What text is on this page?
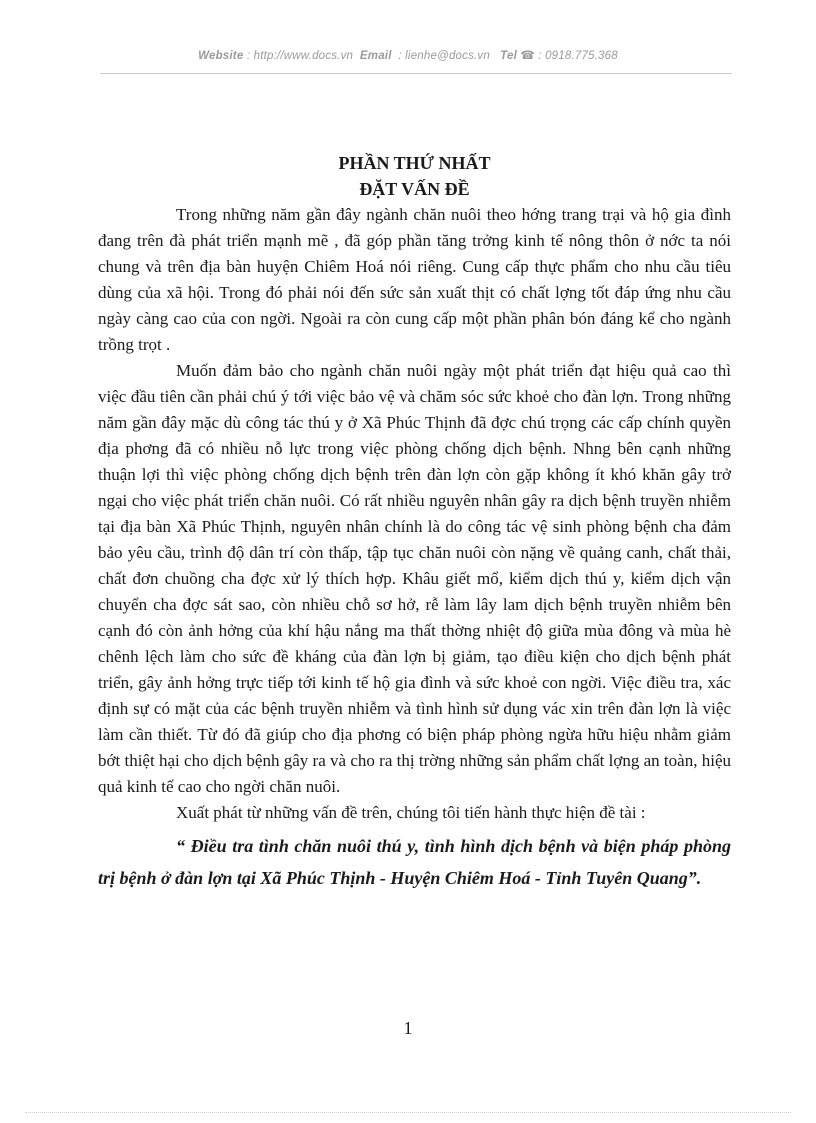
Website : http://www.docs.vn Email : lienhe@docs.vn Tel ☎ : 0918.775.368

PHẦN THỨ NHẤT

ĐẶT VẤN ĐỀ

Trong những năm gần đây ngành chăn nuôi theo hớng trang trại và hộ gia đình đang trên đà phát triển mạnh mẽ , đã góp phần tăng trởng kinh tế nông thôn ở nớc ta nói chung và trên địa bàn huyện Chiêm Hoá nói riêng. Cung cấp thực phẩm cho nhu cầu tiêu dùng của xã hội. Trong đó phải nói đến sức sản xuất thịt có chất lợng tốt đáp ứng nhu cầu ngày càng cao của con ngời. Ngoài ra còn cung cấp một phần phân bón đáng kể cho ngành trồng trọt .

Muốn đảm bảo cho ngành chăn nuôi ngày một phát triển đạt hiệu quả cao thì việc đầu tiên cần phải chú ý tới việc bảo vệ và chăm sóc sức khoẻ cho đàn lợn. Trong những năm gần đây mặc dù công tác thú y ở Xã Phúc Thịnh đã đợc chú trọng các cấp chính quyền địa phơng đã có nhiều nỗ lực trong việc phòng chống dịch bệnh. Nhng bên cạnh những thuận lợi thì việc phòng chống dịch bệnh trên đàn lợn còn gặp không ít khó khăn gây trở ngại cho việc phát triển chăn nuôi. Có rất nhiều nguyên nhân gây ra dịch bệnh truyền nhiễm tại địa bàn Xã Phúc Thịnh, nguyên nhân chính là do công tác vệ sinh phòng bệnh cha đảm bảo yêu cầu, trình độ dân trí còn thấp, tập tục chăn nuôi còn nặng về quảng canh, chất thải, chất đơn chuồng cha đợc xử lý thích hợp. Khâu giết mổ, kiểm dịch thú y, kiểm dịch vận chuyển cha đợc sát sao, còn nhiều chỗ sơ hở, rễ làm lây lam dịch bệnh truyền nhiễm bên cạnh đó còn ảnh hởng của khí hậu nắng ma thất thờng nhiệt độ giữa mùa đông và mùa hè chênh lệch làm cho sức đề kháng của đàn lợn bị giảm, tạo điều kiện cho dịch bệnh phát triển, gây ảnh hởng trực tiếp tới kinh tế hộ gia đình và sức khoẻ con ngời. Việc điều tra, xác định sự có mặt của các bệnh truyền nhiễm và tình hình sử dụng vác xin trên đàn lợn là việc làm cần thiết. Từ đó đã giúp cho địa phơng có biện pháp phòng ngừa hữu hiệu nhằm giảm bớt thiệt hại cho dịch bệnh gây ra và cho ra thị trờng những sản phẩm chất lợng an toàn, hiệu quả kinh tế cao cho ngời chăn nuôi.

Xuất phát từ những vấn đề trên, chúng tôi tiến hành thực hiện đề tài :

“ Điều tra tình chăn nuôi thú y, tình hình dịch bệnh và biện pháp phòng trị bệnh ở đàn lợn tại Xã Phúc Thịnh - Huyện Chiêm Hoá - Tỉnh Tuyên Quang”.

1
